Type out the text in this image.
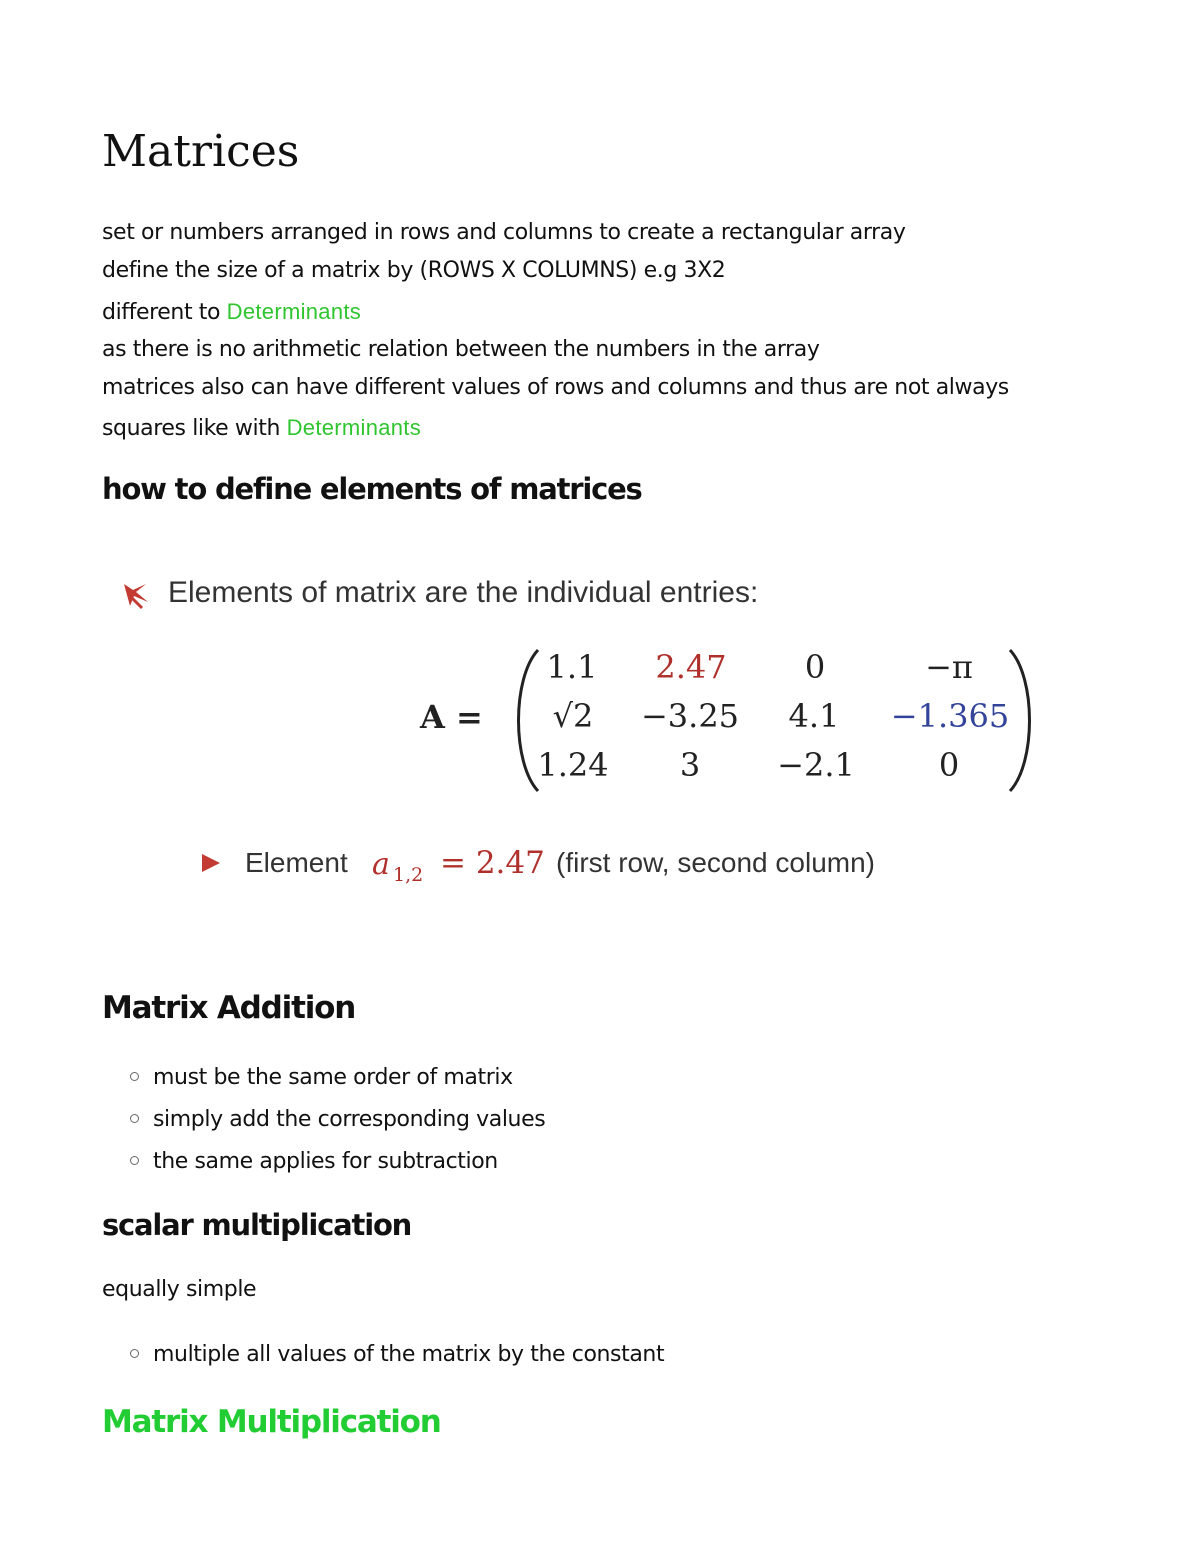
Matrices

set or numbers arranged in rows and columns to create a rectangular array

define the size of a matrix by (ROWS X COLUMNS) e.g 3X2

different to Determinants

as there is no arithmetic relation between the numbers in the array

matrices also can have different values of rows and columns and thus are not always

squares like with Determinants

how to define elements of matrices
Elements of matrix are the individual entries:
A =
1.1 2.47 0	−π
√2 −3.25 4.1 −1.365
1.24 3 −2.1	0
Element a 1,2 = 2.47 (first row, second column)
Matrix Addition
must be the same order of matrix
simply add the corresponding values
the same applies for subtraction
scalar multiplication

equally simple

multiple all values of the matrix by the constant
Matrix Multiplication
